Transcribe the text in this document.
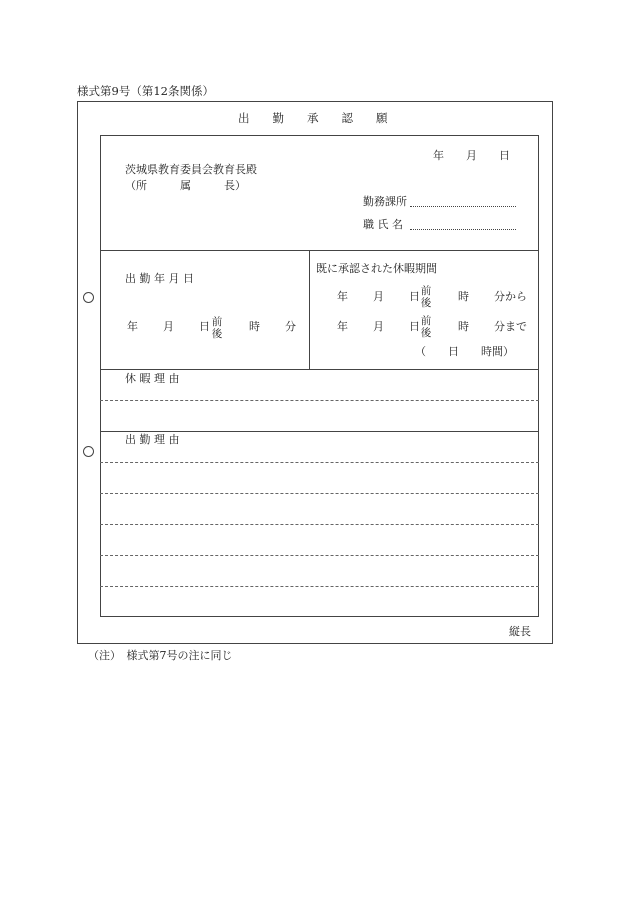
様式第9号（第12条関係）
出　　勤　　承　　認　　願
年　　月　　日
茨城県教育委員会教育長殿
（所　　　属　　　長）
勤務課所
職 氏 名
出 勤 年 月 日
年 月 日 前
後
時 分
既に承認された休暇期間
年 月 日 前
後 時 分から
年 月 日 前
後 時 分まで
（　　日　　時間）
休 暇 理 由
出 勤 理 由
縦長
（注）　様式第7号の注に同じ
